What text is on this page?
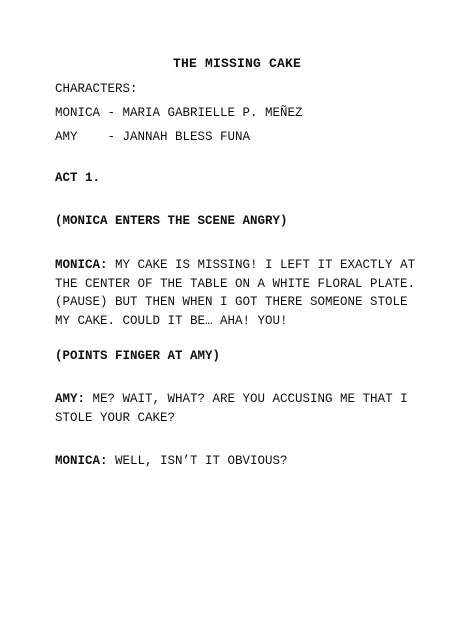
THE MISSING CAKE
CHARACTERS:
MONICA - MARIA GABRIELLE P. MEÑEZ
AMY    - JANNAH BLESS FUNA
ACT 1.
(MONICA ENTERS THE SCENE ANGRY)
MONICA: MY CAKE IS MISSING! I LEFT IT EXACTLY AT
THE CENTER OF THE TABLE ON A WHITE FLORAL PLATE.
(PAUSE) BUT THEN WHEN I GOT THERE SOMEONE STOLE
MY CAKE. COULD IT BE… AHA! YOU!
(POINTS FINGER AT AMY)
AMY: ME? WAIT, WHAT? ARE YOU ACCUSING ME THAT I
STOLE YOUR CAKE?
MONICA: WELL, ISN’T IT OBVIOUS?
